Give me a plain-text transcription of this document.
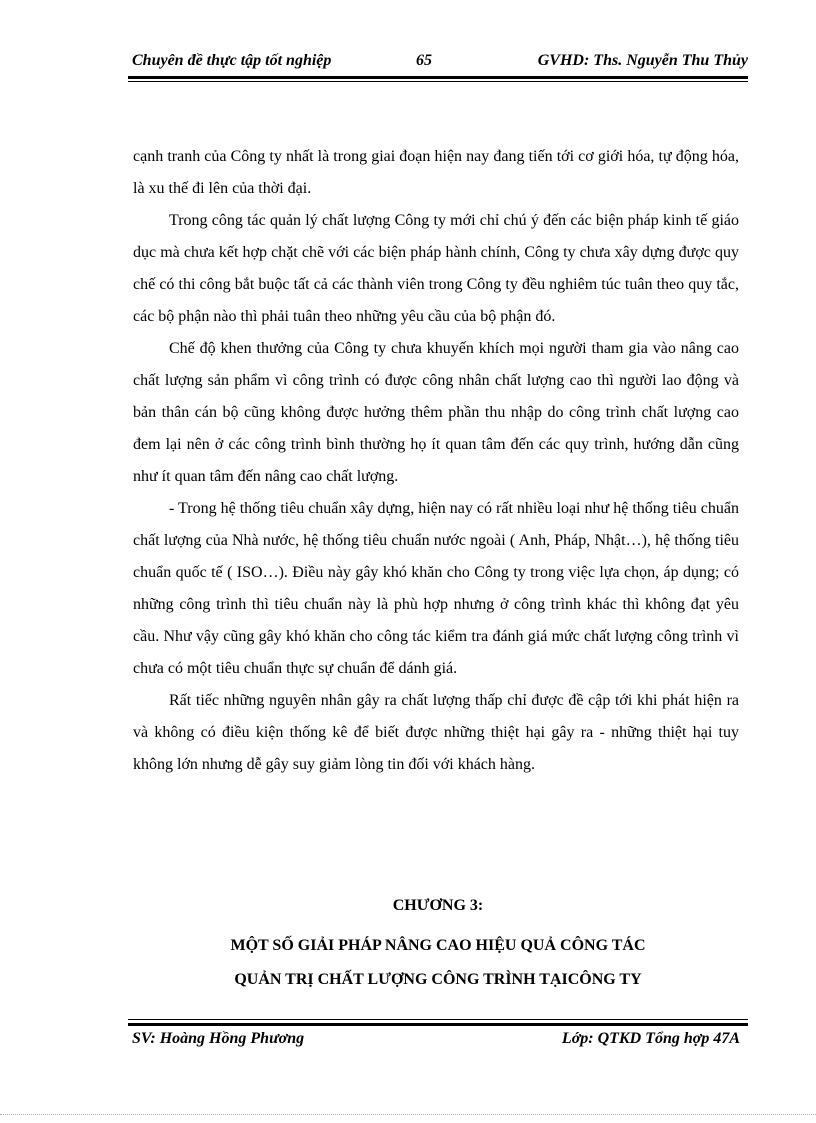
Chuyên đề thực tập tốt nghiệp	65	GVHD: Ths. Nguyễn Thu Thủy

cạnh tranh của Công ty nhất là trong giai đoạn hiện nay đang tiến tới cơ giới hóa, tự động hóa, là xu thế đi lên của thời đại.

Trong công tác quản lý chất lượng Công ty mới chỉ chú ý đến các biện pháp kinh tế giáo dục mà chưa kết hợp chặt chẽ với các biện pháp hành chính, Công ty chưa xây dựng được quy chế có thi công bắt buộc tất cả các thành viên trong Công ty đều nghiêm túc tuân theo quy tắc, các bộ phận nào thì phải tuân theo những yêu cầu của bộ phận đó.

Chế độ khen thưởng của Công ty chưa khuyến khích mọi người tham gia vào nâng cao chất lượng sản phẩm vì công trình có được công nhân chất lượng cao thì người lao động và bản thân cán bộ cũng không được hưởng thêm phần thu nhập do công trình chất lượng cao đem lại nên ở các công trình bình thường họ ít quan tâm đến các quy trình, hướng dẫn cũng như ít quan tâm đến nâng cao chất lượng.

- Trong hệ thống tiêu chuẩn xây dựng, hiện nay có rất nhiều loại như hệ thống tiêu chuẩn chất lượng của Nhà nước, hệ thống tiêu chuẩn nước ngoài ( Anh, Pháp, Nhật…), hệ thống tiêu chuẩn quốc tế ( ISO…). Điều này gây khó khăn cho Công ty trong việc lựa chọn, áp dụng; có những công trình thì tiêu chuẩn này là phù hợp nhưng ở công trình khác thì không đạt yêu cầu. Như vậy cũng gây khó khăn cho công tác kiểm tra đánh giá mức chất lượng công trình vì chưa có một tiêu chuẩn thực sự chuẩn để dánh giá.

Rất tiếc những nguyên nhân gây ra chất lượng thấp chỉ được đề cập tới khi phát hiện ra và không có điều kiện thống kê để biết được những thiệt hại gây ra - những thiệt hại tuy không lớn nhưng dễ gây suy giảm lòng tin đối với khách hàng.

CHƯƠNG 3:
MỘT SỐ GIẢI PHÁP NÂNG CAO HIỆU QUẢ CÔNG TÁC
QUẢN TRỊ CHẤT LƯỢNG CÔNG TRÌNH TẠICÔNG TY
SV: Hoàng Hồng Phương	Lớp: QTKD Tổng hợp 47A
